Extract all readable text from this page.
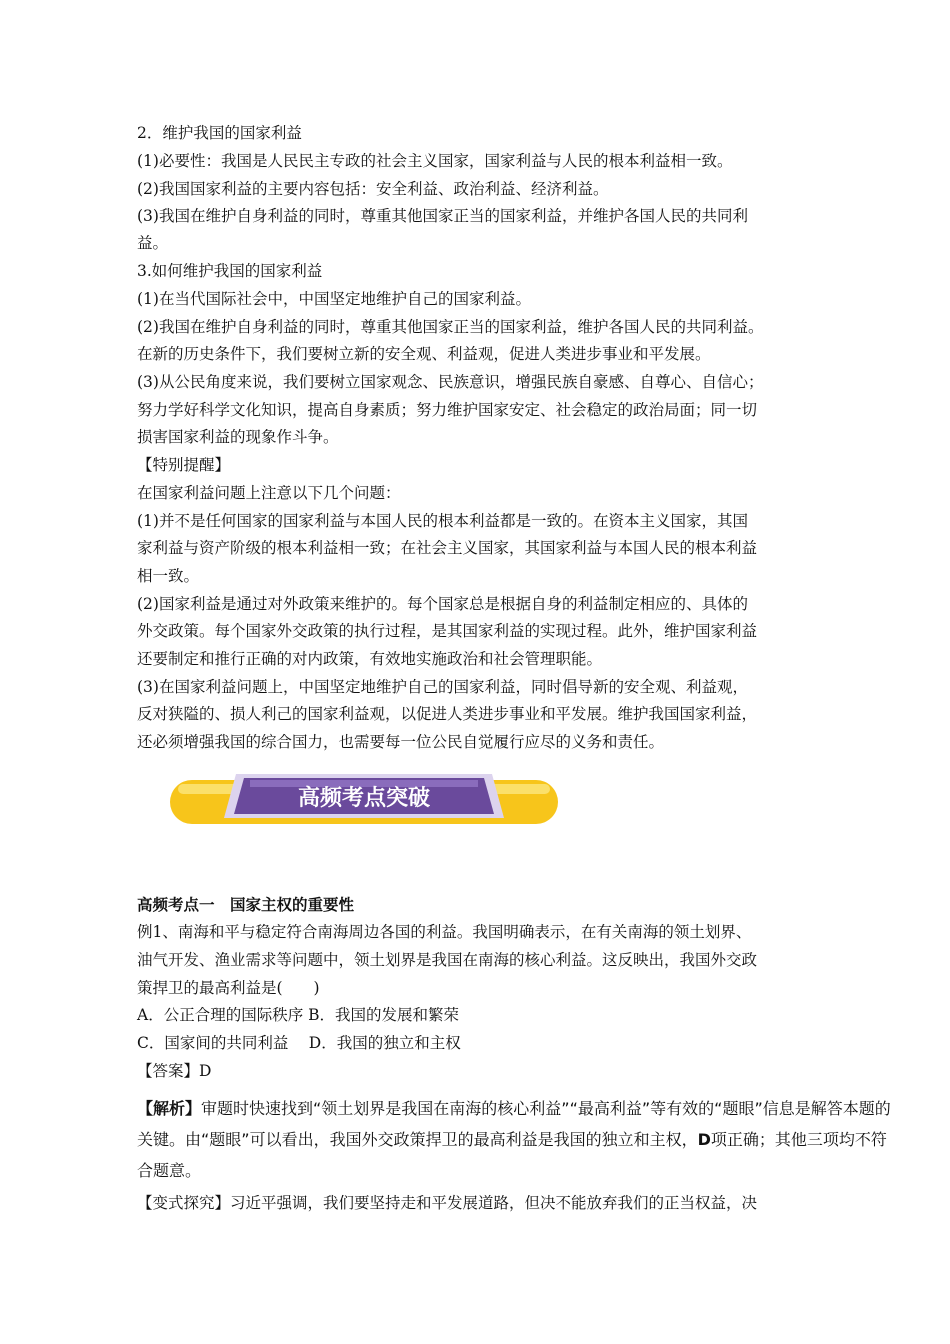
2．维护我国的国家利益
(1)必要性：我国是人民民主专政的社会主义国家，国家利益与人民的根本利益相一致。
(2)我国国家利益的主要内容包括：安全利益、政治利益、经济利益。
(3)我国在维护自身利益的同时，尊重其他国家正当的国家利益，并维护各国人民的共同利
益。
3.如何维护我国的国家利益
(1)在当代国际社会中，中国坚定地维护自己的国家利益。
(2)我国在维护自身利益的同时，尊重其他国家正当的国家利益，维护各国人民的共同利益。
在新的历史条件下，我们要树立新的安全观、利益观，促进人类进步事业和平发展。
(3)从公民角度来说，我们要树立国家观念、民族意识，增强民族自豪感、自尊心、自信心；
努力学好科学文化知识，提高自身素质；努力维护国家安定、社会稳定的政治局面；同一切
损害国家利益的现象作斗争。
【特别提醒】
在国家利益问题上注意以下几个问题：
(1)并不是任何国家的国家利益与本国人民的根本利益都是一致的。在资本主义国家，其国
家利益与资产阶级的根本利益相一致；在社会主义国家，其国家利益与本国人民的根本利益
相一致。
(2)国家利益是通过对外政策来维护的。每个国家总是根据自身的利益制定相应的、具体的
外交政策。每个国家外交政策的执行过程，是其国家利益的实现过程。此外，维护国家利益
还要制定和推行正确的对内政策，有效地实施政治和社会管理职能。
(3)在国家利益问题上，中国坚定地维护自己的国家利益，同时倡导新的安全观、利益观，
反对狭隘的、损人利己的国家利益观，以促进人类进步事业和平发展。维护我国国家利益，
还必须增强我国的综合国力，也需要每一位公民自觉履行应尽的义务和责任。
高频考点突破
高频考点一　国家主权的重要性
例1、南海和平与稳定符合南海周边各国的利益。我国明确表示，在有关南海的领土划界、
油气开发、渔业需求等问题中，领土划界是我国在南海的核心利益。这反映出，我国外交政
策捍卫的最高利益是(　　)
A．公正合理的国际秩序 B．我国的发展和繁荣
C．国家间的共同利益　 D．我国的独立和主权
【答案】D
【解析】审题时快速找到“领土划界是我国在南海的核心利益”“最高利益”等有效的“题眼”信息是解答本题的
关键。由“题眼”可以看出，我国外交政策捍卫的最高利益是我国的独立和主权，D项正确；其他三项均不符
合题意。
【变式探究】习近平强调，我们要坚持走和平发展道路，但决不能放弃我们的正当权益，决
